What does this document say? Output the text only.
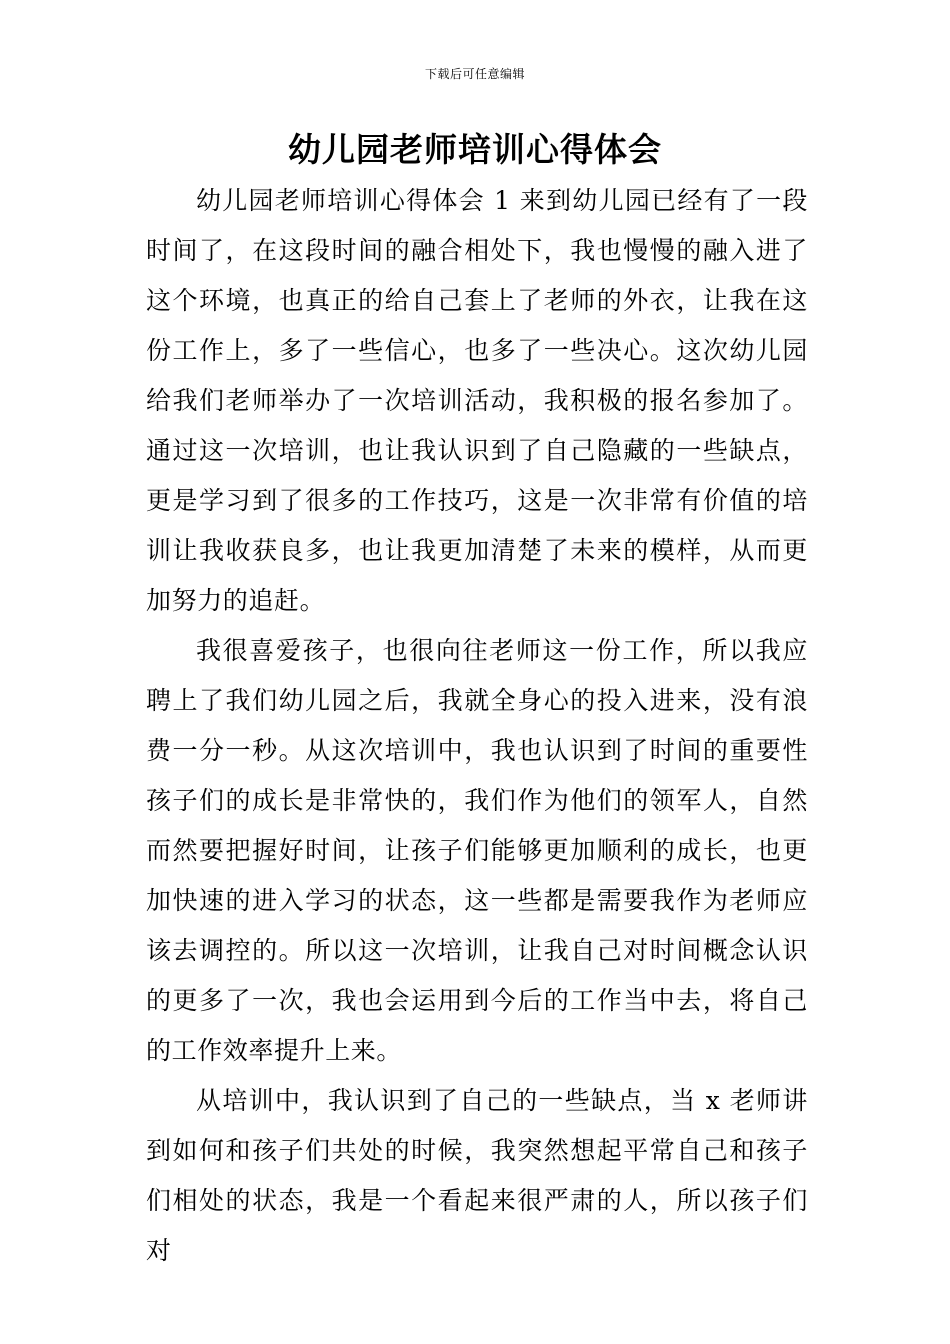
下载后可任意编辑
幼儿园老师培训心得体会

幼儿园老师培训心得体会 1 来到幼儿园已经有了一段时间了，在这段时间的融合相处下，我也慢慢的融入进了这个环境，也真正的给自己套上了老师的外衣，让我在这份工作上，多了一些信心，也多了一些决心。这次幼儿园给我们老师举办了一次培训活动，我积极的报名参加了。通过这一次培训，也让我认识到了自己隐藏的一些缺点，更是学习到了很多的工作技巧，这是一次非常有价值的培训让我收获良多，也让我更加清楚了未来的模样，从而更加努力的追赶。

我很喜爱孩子，也很向往老师这一份工作，所以我应聘上了我们幼儿园之后，我就全身心的投入进来，没有浪费一分一秒。从这次培训中，我也认识到了时间的重要性孩子们的成长是非常快的，我们作为他们的领军人，自然而然要把握好时间，让孩子们能够更加顺利的成长，也更加快速的进入学习的状态，这一些都是需要我作为老师应该去调控的。所以这一次培训，让我自己对时间概念认识的更多了一次，我也会运用到今后的工作当中去，将自己的工作效率提升上来。

从培训中，我认识到了自己的一些缺点，当 x 老师讲到如何和孩子们共处的时候，我突然想起平常自己和孩子们相处的状态，我是一个看起来很严肃的人，所以孩子们对
